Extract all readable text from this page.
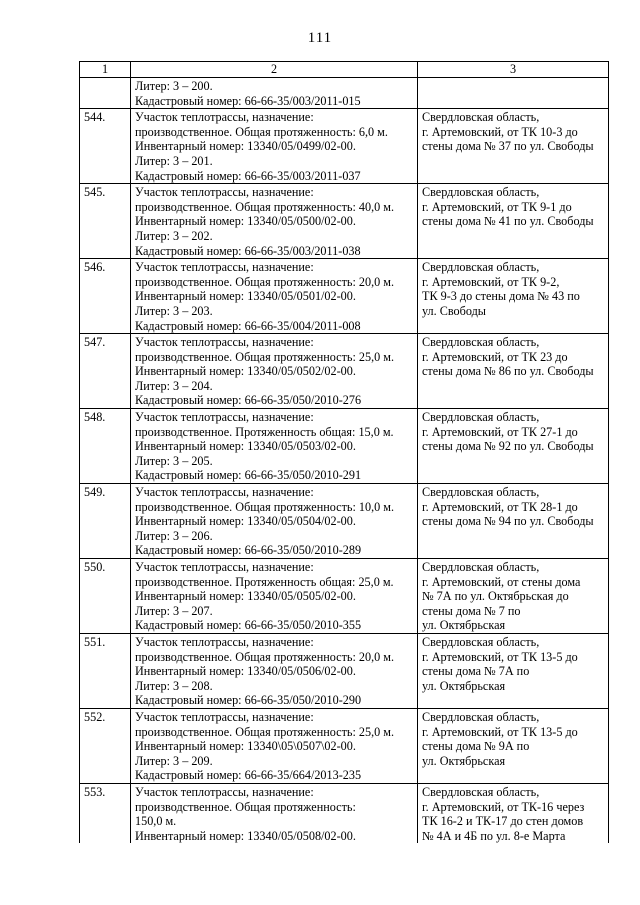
111
1	2	3

	Литер: 3 – 200.
Кадастровый номер: 66-66-35/003/2011-015	

544.	Участок теплотрассы, назначение:
производственное. Общая протяженность: 6,0 м.
Инвентарный номер: 13340/05/0499/02-00.
Литер: 3 – 201.
Кадастровый номер: 66-66-35/003/2011-037	Свердловская область,
г. Артемовский, от ТК 10-3 до
стены дома № 37 по ул. Свободы

545.	Участок теплотрассы, назначение:
производственное. Общая протяженность: 40,0 м.
Инвентарный номер: 13340/05/0500/02-00.
Литер: 3 – 202.
Кадастровый номер: 66-66-35/003/2011-038	Свердловская область,
г. Артемовский, от ТК 9-1 до
стены дома № 41 по ул. Свободы

546.	Участок теплотрассы, назначение:
производственное. Общая протяженность: 20,0 м.
Инвентарный номер: 13340/05/0501/02-00.
Литер: 3 – 203.
Кадастровый номер: 66-66-35/004/2011-008	Свердловская область,
г. Артемовский, от ТК 9-2,
ТК 9-3 до стены дома № 43 по
ул. Свободы

547.	Участок теплотрассы, назначение:
производственное. Общая протяженность: 25,0 м.
Инвентарный номер: 13340/05/0502/02-00.
Литер: 3 – 204.
Кадастровый номер: 66-66-35/050/2010-276	Свердловская область,
г. Артемовский, от ТК 23 до
стены дома № 86 по ул. Свободы

548.	Участок теплотрассы, назначение:
производственное. Протяженность общая: 15,0 м.
Инвентарный номер: 13340/05/0503/02-00.
Литер: 3 – 205.
Кадастровый номер: 66-66-35/050/2010-291	Свердловская область,
г. Артемовский, от ТК 27-1 до
стены дома № 92 по ул. Свободы

549.	Участок теплотрассы, назначение:
производственное. Общая протяженность: 10,0 м.
Инвентарный номер: 13340/05/0504/02-00.
Литер: 3 – 206.
Кадастровый номер: 66-66-35/050/2010-289	Свердловская область,
г. Артемовский, от ТК 28-1 до
стены дома № 94 по ул. Свободы

550.	Участок теплотрассы, назначение:
производственное. Протяженность общая: 25,0 м.
Инвентарный номер: 13340/05/0505/02-00.
Литер: 3 – 207.
Кадастровый номер: 66-66-35/050/2010-355	Свердловская область,
г. Артемовский, от стены дома
№ 7А по ул. Октябрьская до
стены дома № 7 по
ул. Октябрьская

551.	Участок теплотрассы, назначение:
производственное. Общая протяженность: 20,0 м.
Инвентарный номер: 13340/05/0506/02-00.
Литер: 3 – 208.
Кадастровый номер: 66-66-35/050/2010-290	Свердловская область,
г. Артемовский, от ТК 13-5 до
стены дома № 7А по
ул. Октябрьская

552.	Участок теплотрассы, назначение:
производственное. Общая протяженность: 25,0 м.
Инвентарный номер: 13340\05\0507\02-00.
Литер: 3 – 209.
Кадастровый номер: 66-66-35/664/2013-235	Свердловская область,
г. Артемовский, от ТК 13-5 до
стены дома № 9А по
ул. Октябрьская

553.	Участок теплотрассы, назначение:
производственное. Общая протяженность:
150,0 м.
Инвентарный номер: 13340/05/0508/02-00.	Свердловская область,
г. Артемовский, от ТК-16 через
ТК 16-2 и ТК-17 до стен домов
№ 4А и 4Б по ул. 8-е Марта
